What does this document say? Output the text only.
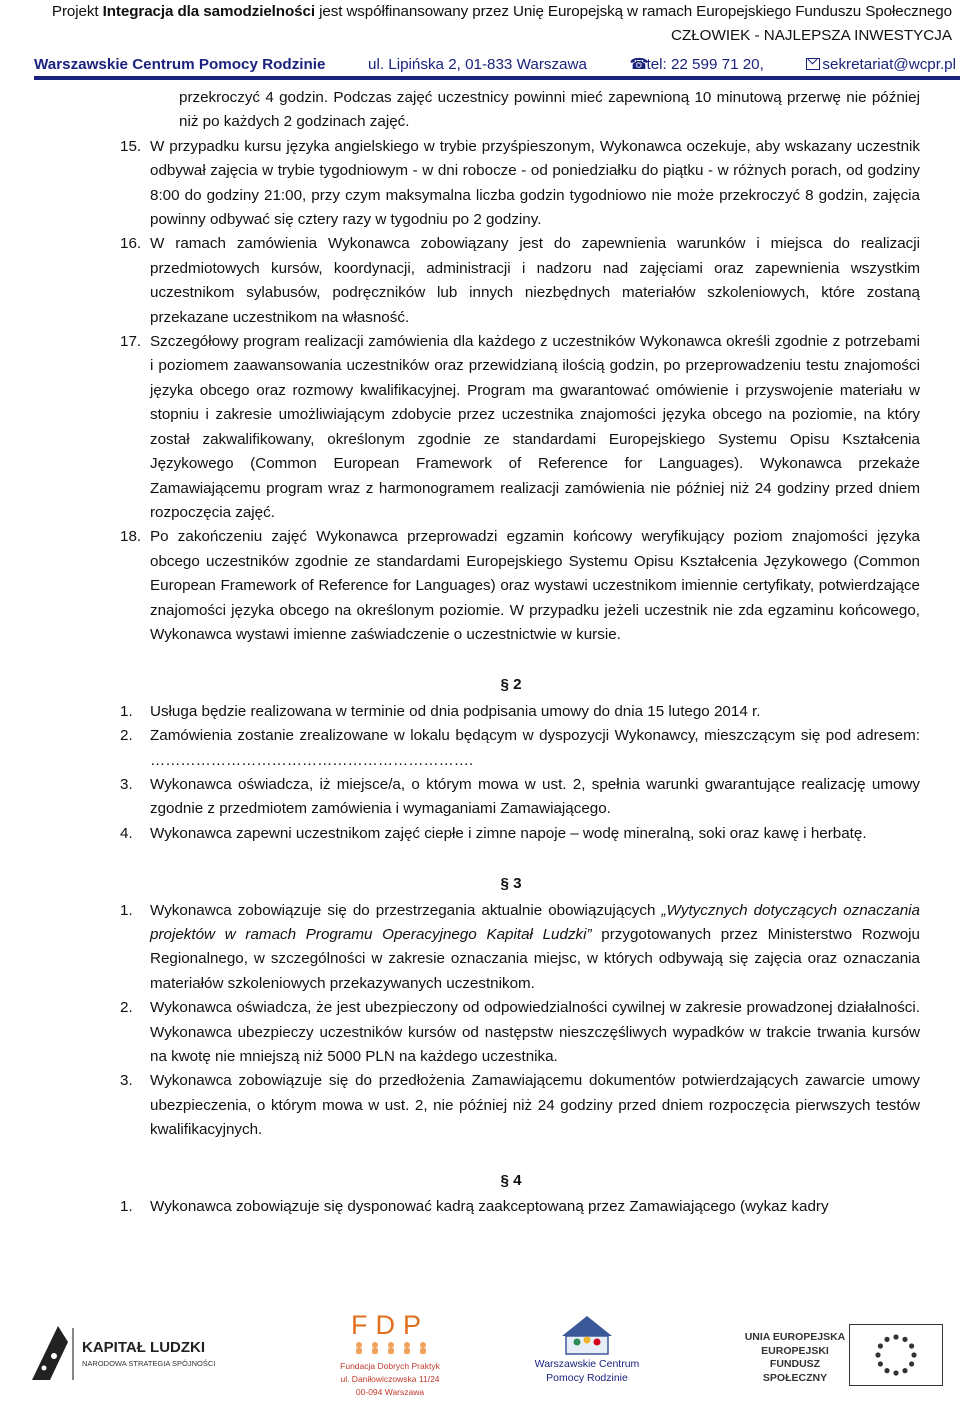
Projekt Integracja dla samodzielności jest współfinansowany przez Unię Europejską w ramach Europejskiego Funduszu Społecznego
CZŁOWIEK - NAJLEPSZA INWESTYCJA
Warszawskie Centrum Pomocy Rodzinie	ul. Lipińska 2, 01-833 Warszawa	☎tel: 22 599 71 20,	sekretariat@wcpr.pl
przekroczyć 4 godzin. Podczas zajęć uczestnicy powinni mieć zapewnioną 10 minutową przerwę nie później niż po każdych 2 godzinach zajęć.
15. W przypadku kursu języka angielskiego w trybie przyśpieszonym, Wykonawca oczekuje, aby wskazany uczestnik odbywał zajęcia w trybie tygodniowym - w dni robocze - od poniedziałku do piątku - w różnych porach, od godziny 8:00 do godziny 21:00, przy czym maksymalna liczba godzin tygodniowo nie może przekroczyć 8 godzin, zajęcia powinny odbywać się cztery razy w tygodniu po 2 godziny.
16. W ramach zamówienia Wykonawca zobowiązany jest do zapewnienia warunków i miejsca do realizacji przedmiotowych kursów, koordynacji, administracji i nadzoru nad zajęciami oraz zapewnienia wszystkim uczestnikom sylabusów, podręczników lub innych niezbędnych materiałów szkoleniowych, które zostaną przekazane uczestnikom na własność.
17. Szczegółowy program realizacji zamówienia dla każdego z uczestników Wykonawca określi zgodnie z potrzebami i poziomem zaawansowania uczestników oraz przewidzianą ilością godzin, po przeprowadzeniu testu znajomości języka obcego oraz rozmowy kwalifikacyjnej. Program ma gwarantować omówienie i przyswojenie materiału w stopniu i zakresie umożliwiającym zdobycie przez uczestnika znajomości języka obcego na poziomie, na który został zakwalifikowany, określonym zgodnie ze standardami Europejskiego Systemu Opisu Kształcenia Językowego (Common European Framework of Reference for Languages). Wykonawca przekaże Zamawiającemu program wraz z harmonogramem realizacji zamówienia nie później niż 24 godziny przed dniem rozpoczęcia zajęć.
18. Po zakończeniu zajęć Wykonawca przeprowadzi egzamin końcowy weryfikujący poziom znajomości języka obcego uczestników zgodnie ze standardami Europejskiego Systemu Opisu Kształcenia Językowego (Common European Framework of Reference for Languages) oraz wystawi uczestnikom imiennie certyfikaty, potwierdzające znajomości języka obcego na określonym poziomie. W przypadku jeżeli uczestnik nie zda egzaminu końcowego, Wykonawca wystawi imienne zaświadczenie o uczestnictwie w kursie.
§ 2
1. Usługa będzie realizowana w terminie od dnia podpisania umowy do dnia 15 lutego 2014 r.
2. Zamówienia zostanie zrealizowane w lokalu będącym w dyspozycji Wykonawcy, mieszczącym się pod adresem: ……………………………………………………….
3. Wykonawca oświadcza, iż miejsce/a, o którym mowa w ust. 2, spełnia warunki gwarantujące realizację umowy zgodnie z przedmiotem zamówienia i wymaganiami Zamawiającego.
4. Wykonawca zapewni uczestnikom zajęć ciepłe i zimne napoje – wodę mineralną, soki oraz kawę i herbatę.
§ 3
1. Wykonawca zobowiązuje się do przestrzegania aktualnie obowiązujących „Wytycznych dotyczących oznaczania projektów w ramach Programu Operacyjnego Kapitał Ludzki” przygotowanych przez Ministerstwo Rozwoju Regionalnego, w szczególności w zakresie oznaczania miejsc, w których odbywają się zajęcia oraz oznaczania materiałów szkoleniowych przekazywanych uczestnikom.
2. Wykonawca oświadcza, że jest ubezpieczony od odpowiedzialności cywilnej w zakresie prowadzonej działalności. Wykonawca ubezpieczy uczestników kursów od następstw nieszczęśliwych wypadków w trakcie trwania kursów na kwotę nie mniejszą niż 5000 PLN na każdego uczestnika.
3. Wykonawca zobowiązuje się do przedłożenia Zamawiającemu dokumentów potwierdzających zawarcie umowy ubezpieczenia, o którym mowa w ust. 2, nie później niż 24 godziny przed dniem rozpoczęcia pierwszych testów kwalifikacyjnych.
§ 4
1. Wykonawca zobowiązuje się dysponować kadrą zaakceptowaną przez Zamawiającego (wykaz kadry
KAPITAŁ LUDZKI
NARODOWA STRATEGIA SPÓJNOŚCI
FDP
Fundacja Dobrych Praktyk
ul. Daniłowiczowska 11/24
00-094 Warszawa
Warszawskie Centrum
Pomocy Rodzinie
UNIA EUROPEJSKA
EUROPEJSKI
FUNDUSZ SPOŁECZNY
